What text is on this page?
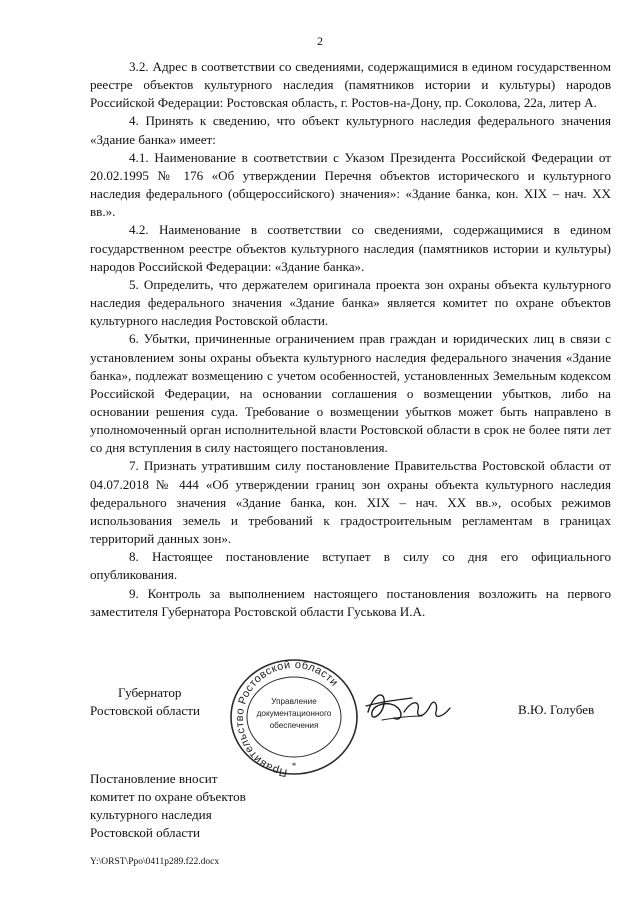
2

3.2. Адрес в соответствии со сведениями, содержащимися в едином государственном реестре объектов культурного наследия (памятников истории и культуры) народов Российской Федерации: Ростовская область, г. Ростов-на-Дону, пр. Соколова, 22а, литер А.

4. Принять к сведению, что объект культурного наследия федерального значения «Здание банка» имеет:

4.1. Наименование в соответствии с Указом Президента Российской Федерации от 20.02.1995 № 176 «Об утверждении Перечня объектов исторического и культурного наследия федерального (общероссийского) значения»: «Здание банка, кон. XIX – нач. XX вв.».

4.2. Наименование в соответствии со сведениями, содержащимися в едином государственном реестре объектов культурного наследия (памятников истории и культуры) народов Российской Федерации: «Здание банка».

5. Определить, что держателем оригинала проекта зон охраны объекта культурного наследия федерального значения «Здание банка» является комитет по охране объектов культурного наследия Ростовской области.

6. Убытки, причиненные ограничением прав граждан и юридических лиц в связи с установлением зоны охраны объекта культурного наследия федерального значения «Здание банка», подлежат возмещению с учетом особенностей, установленных Земельным кодексом Российской Федерации, на основании соглашения о возмещении убытков, либо на основании решения суда. Требование о возмещении убытков может быть направлено в уполномоченный орган исполнительной власти Ростовской области в срок не более пяти лет со дня вступления в силу настоящего постановления.

7. Признать утратившим силу постановление Правительства Ростовской области от 04.07.2018 № 444 «Об утверждении границ зон охраны объекта культурного наследия федерального значения «Здание банка, кон. XIX – нач. XX вв.», особых режимов использования земель и требований к градостроительным регламентам в границах территорий данных зон».

8. Настоящее постановление вступает в силу со дня его официального опубликования.

9. Контроль за выполнением настоящего постановления возложить на первого заместителя Губернатора Ростовской области Гуськова И.А.

Губернатор
Ростовской области
Правительство Ростовской области
Управление
документационного
обеспечения
*
В.Ю. Голубев
Постановление вносит
комитет по охране объектов
культурного наследия
Ростовской области
Y:\ORST\Ppo\0411p289.f22.docx
